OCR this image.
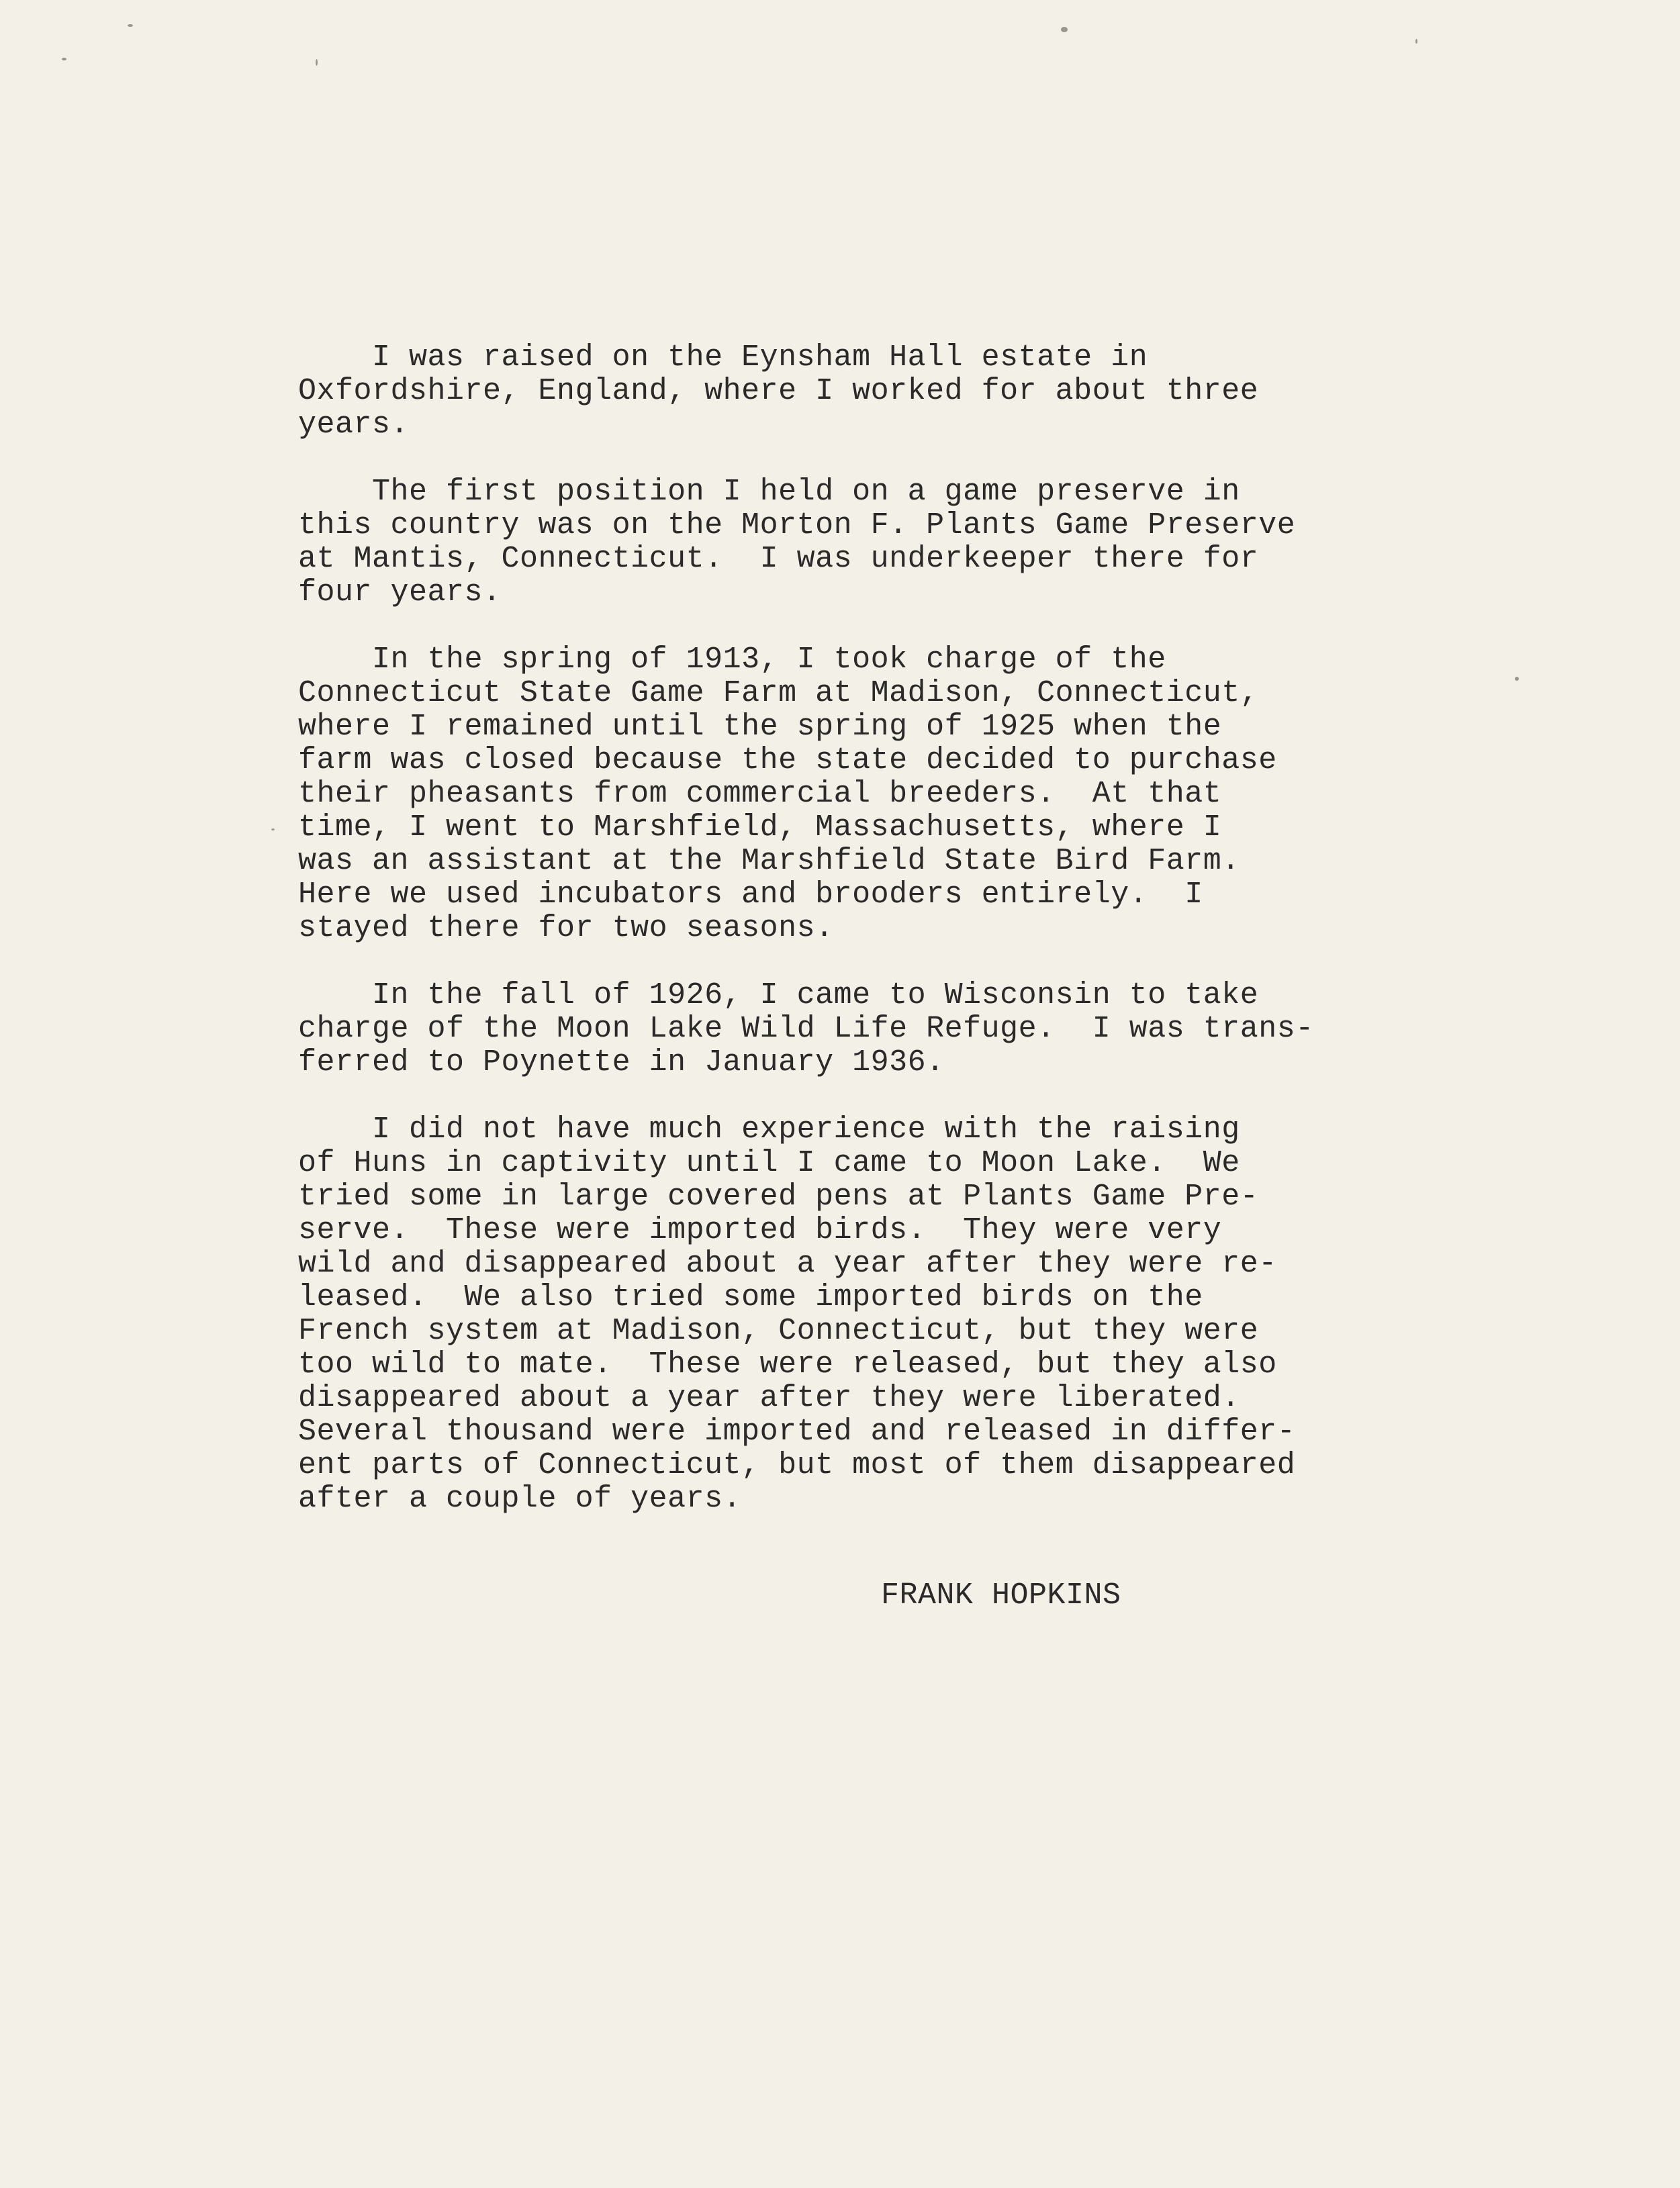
I was raised on the Eynsham Hall estate in
Oxfordshire, England, where I worked for about three
years.
The first position I held on a game preserve in
this country was on the Morton F. Plants Game Preserve
at Mantis, Connecticut.  I was underkeeper there for
four years.
In the spring of 1913, I took charge of the
Connecticut State Game Farm at Madison, Connecticut,
where I remained until the spring of 1925 when the
farm was closed because the state decided to purchase
their pheasants from commercial breeders.  At that
time, I went to Marshfield, Massachusetts, where I
was an assistant at the Marshfield State Bird Farm.
Here we used incubators and brooders entirely.  I
stayed there for two seasons.
In the fall of 1926, I came to Wisconsin to take
charge of the Moon Lake Wild Life Refuge.  I was trans-
ferred to Poynette in January 1936.
I did not have much experience with the raising
of Huns in captivity until I came to Moon Lake.  We
tried some in large covered pens at Plants Game Pre-
serve.  These were imported birds.  They were very
wild and disappeared about a year after they were re-
leased.  We also tried some imported birds on the
French system at Madison, Connecticut, but they were
too wild to mate.  These were released, but they also
disappeared about a year after they were liberated.
Several thousand were imported and released in differ-
ent parts of Connecticut, but most of them disappeared
after a couple of years.
FRANK HOPKINS
